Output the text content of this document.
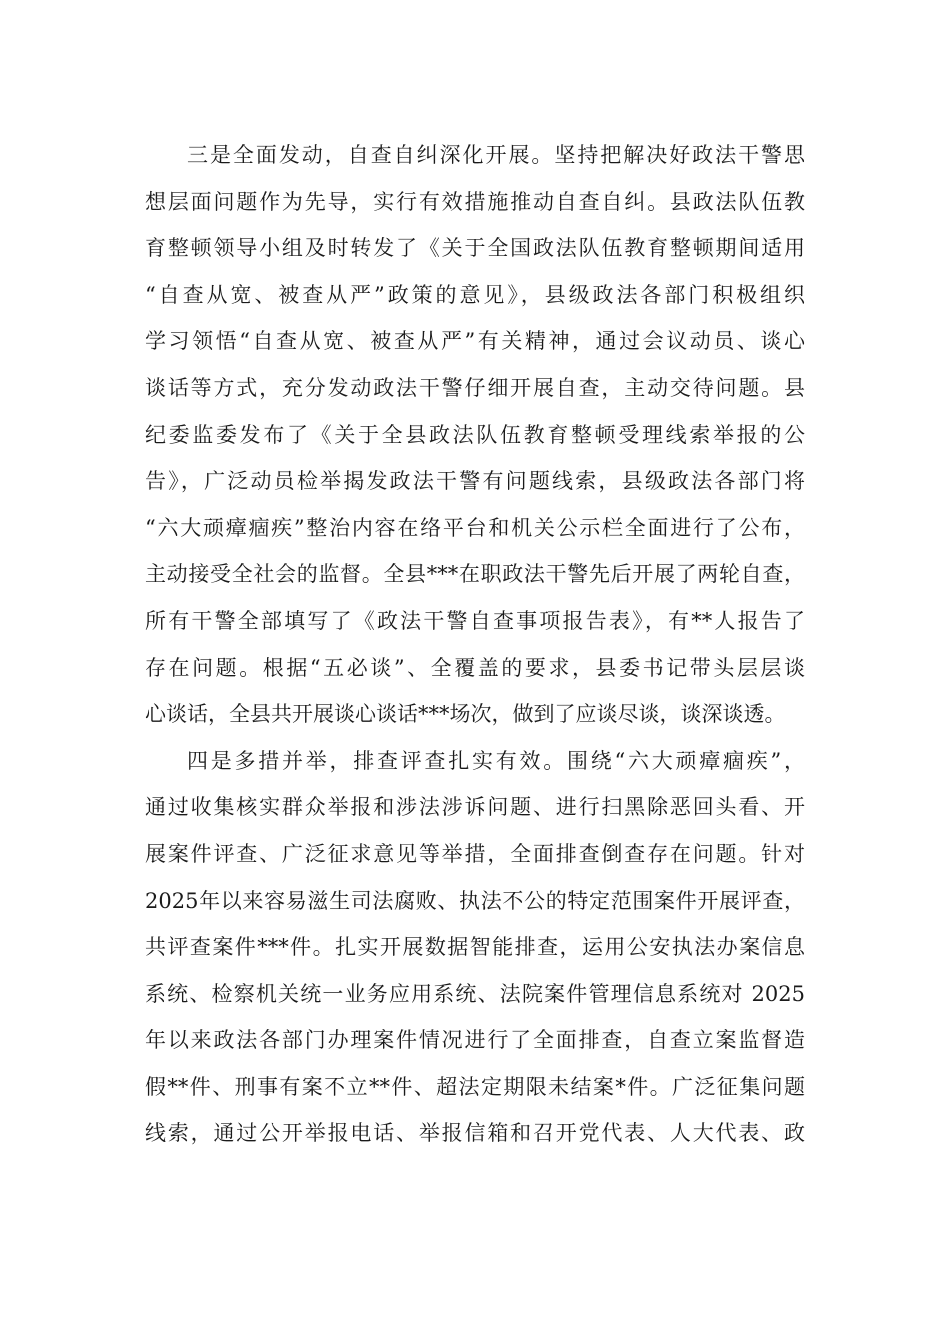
三是全面发动，自查自纠深化开展。坚持把解决好政法干警思
想层面问题作为先导，实行有效措施推动自查自纠。县政法队伍教
育整顿领导小组及时转发了《关于全国政法队伍教育整顿期间适用
“自查从宽、被查从严”政策的意见》，县级政法各部门积极组织
学习领悟“自查从宽、被查从严”有关精神，通过会议动员、谈心
谈话等方式，充分发动政法干警仔细开展自查，主动交待问题。县
纪委监委发布了《关于全县政法队伍教育整顿受理线索举报的公
告》，广泛动员检举揭发政法干警有问题线索，县级政法各部门将
“六大顽瘴痼疾”整治内容在络平台和机关公示栏全面进行了公布，
主动接受全社会的监督。全县***在职政法干警先后开展了两轮自查，
所有干警全部填写了《政法干警自查事项报告表》，有**人报告了
存在问题。根据“五必谈”、全覆盖的要求，县委书记带头层层谈
心谈话，全县共开展谈心谈话***场次，做到了应谈尽谈，谈深谈透。
四是多措并举，排查评查扎实有效。围绕“六大顽瘴痼疾”，
通过收集核实群众举报和涉法涉诉问题、进行扫黑除恶回头看、开
展案件评查、广泛征求意见等举措，全面排查倒查存在问题。针对
2025年以来容易滋生司法腐败、执法不公的特定范围案件开展评查，
共评查案件***件。扎实开展数据智能排查，运用公安执法办案信息
系统、检察机关统一业务应用系统、法院案件管理信息系统对 2025
年以来政法各部门办理案件情况进行了全面排查，自查立案监督造
假**件、刑事有案不立**件、超法定期限未结案*件。广泛征集问题
线索，通过公开举报电话、举报信箱和召开党代表、人大代表、政
